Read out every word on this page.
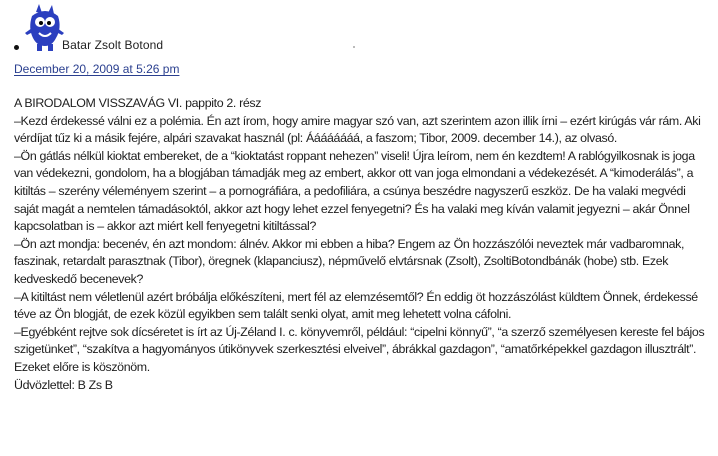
Batar Zsolt Botond
December 20, 2009 at 5:26 pm

A BIRODALOM VISSZAVÁG VI. pappito 2. rész

–Kezd érdekessé válni ez a polémia. Én azt írom, hogy amire magyar szó van, azt szerintem azon illik írni – ezért kirúgás vár rám. Aki

vérdíjat tűz ki a másik fejére, alpári szavakat használ (pl: Áááááááá, a faszom; Tibor, 2009. december 14.), az olvasó.

–Ön gátlás nélkül kioktat embereket, de a “kioktatást roppant nehezen” viseli! Újra leírom, nem én kezdtem! A rablógyilkosnak is joga

van védekezni, gondolom, ha a blogjában támadják meg az embert, akkor ott van joga elmondani a védekezését. A “kimoderálás”, a

kitiltás – szerény véleményem szerint – a pornográfiára, a pedofiliára, a csúnya beszédre nagyszerű eszköz. De ha valaki megvédi

saját magát a nemtelen támadásoktól, akkor azt hogy lehet ezzel fenyegetni? És ha valaki meg kíván valamit jegyezni – akár Önnel

kapcsolatban is – akkor azt miért kell fenyegetni kitiltással?

–Ön azt mondja: becenév, én azt mondom: álnév. Akkor mi ebben a hiba? Engem az Ön hozzászólói neveztek már vadbaromnak,

faszinak, retardalt parasztnak (Tibor), öregnek (klapanciusz), népművelő elvtársnak (Zsolt), ZsoltiBotondbánák (hobe) stb. Ezek

kedveskedő becenevek?

–A kitiltást nem véletlenül azért bróbálja előkészíteni, mert fél az elemzésemtől? Én eddig öt hozzászólást küldtem Önnek, érdekessé

téve az Ön blogját, de ezek közül egyikben sem talált senki olyat, amit meg lehetett volna cáfolni.

–Egyébként rejtve sok dícséretet is írt az Új-Zéland I. c. könyvemről, például: “cipelni könnyű”, “a szerző személyesen kereste fel bájos

szigetünket”, “szakítva a hagyományos útikönyvek szerkesztési elveivel”, ábrákkal gazdagon”, “amatőrképekkel gazdagon illusztrált”.

Ezeket előre is köszönöm.

Üdvözlettel: B Zs B
